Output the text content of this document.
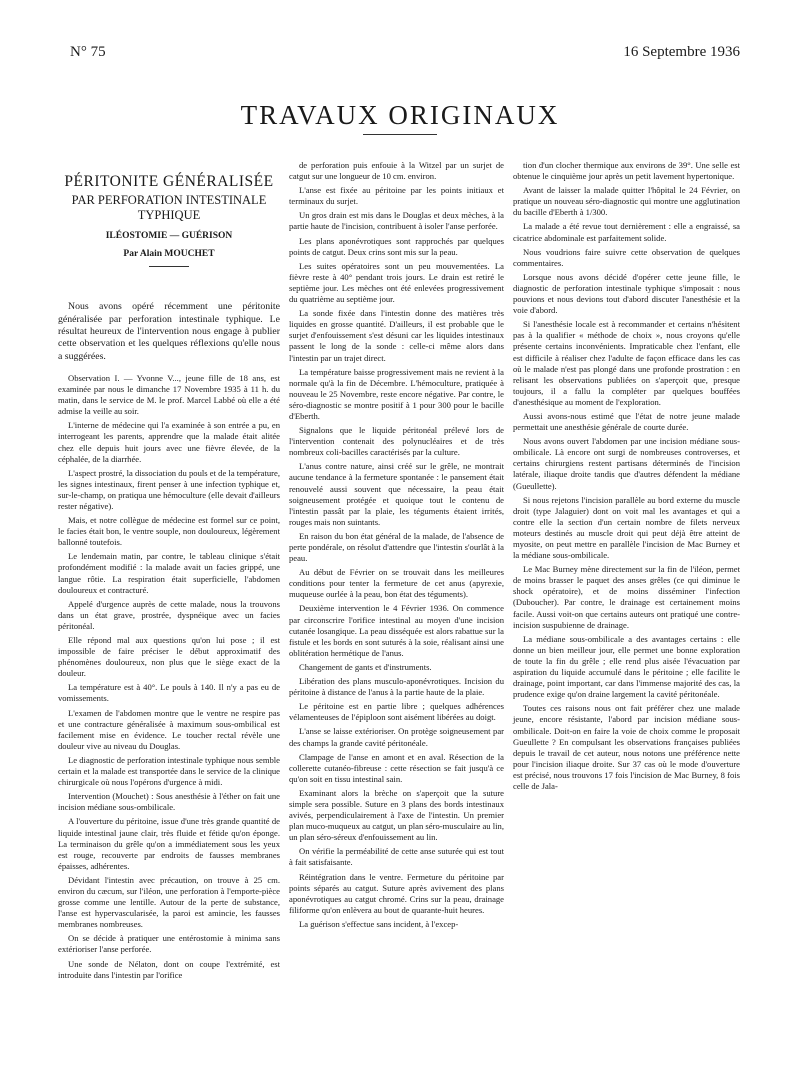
N° 75	16 Septembre 1936
TRAVAUX ORIGINAUX
PÉRITONITE GÉNÉRALISÉE
PAR PERFORATION INTESTINALE
TYPHIQUE
ILÉOSTOMIE — GUÉRISON
Par Alain MOUCHET

Nous avons opéré récemment une péritonite généralisée par perforation intestinale typhique. Le résultat heureux de l'intervention nous engage à publier cette observation et les quelques réflexions qu'elle nous a suggérées.

Observation I. — Yvonne V..., jeune fille de 18 ans, est examinée par nous le dimanche 17 Novembre 1935 à 11 h. du matin, dans le service de M. le prof. Marcel Labbé où elle a été admise la veille au soir.

L'interne de médecine qui l'a examinée à son entrée a pu, en interrogeant les parents, apprendre que la malade était alitée chez elle depuis huit jours avec une fièvre élevée, de la céphalée, de la diarrhée.

L'aspect prostré, la dissociation du pouls et de la température, les signes intestinaux, firent penser à une infection typhique et, sur-le-champ, on pratiqua une hémoculture (elle devait d'ailleurs rester négative).

Mais, et notre collègue de médecine est formel sur ce point, le facies était bon, le ventre souple, non douloureux, légèrement ballonné toutefois.

Le lendemain matin, par contre, le tableau clinique s'était profondément modifié : la malade avait un facies grippé, une langue rôtie. La respiration était superficielle, l'abdomen douloureux et contracturé.

Appelé d'urgence auprès de cette malade, nous la trouvons dans un état grave, prostrée, dyspnéique avec un facies péritonéal.

Elle répond mal aux questions qu'on lui pose ; il est impossible de faire préciser le début approximatif des phénomènes douloureux, non plus que le siège exact de la douleur.

La température est à 40°. Le pouls à 140. Il n'y a pas eu de vomissements.

L'examen de l'abdomen montre que le ventre ne respire pas et une contracture généralisée à maximum sous-ombilical est facilement mise en évidence. Le toucher rectal révèle une douleur vive au niveau du Douglas.

Le diagnostic de perforation intestinale typhique nous semble certain et la malade est transportée dans le service de la clinique chirurgicale où nous l'opérons d'urgence à midi.

Intervention (Mouchet) : Sous anesthésie à l'éther on fait une incision médiane sous-ombilicale.

A l'ouverture du péritoine, issue d'une très grande quantité de liquide intestinal jaune clair, très fluide et fétide qu'on éponge. La terminaison du grêle qu'on a immédiatement sous les yeux est rouge, recouverte par endroits de fausses membranes épaisses, adhérentes.

Dévidant l'intestin avec précaution, on trouve à 25 cm. environ du cæcum, sur l'iléon, une perforation à l'emporte-pièce grosse comme une lentille. Autour de la perte de substance, l'anse est hypervascularisée, la paroi est amincie, les fausses membranes nombreuses.

On se décide à pratiquer une entérostomie à minima sans extérioriser l'anse perforée.

Une sonde de Nélaton, dont on coupe l'extrémité, est introduite dans l'intestin par l'orifice

de perforation puis enfouie à la Witzel par un surjet de catgut sur une longueur de 10 cm. environ.

L'anse est fixée au péritoine par les points initiaux et terminaux du surjet.

Un gros drain est mis dans le Douglas et deux mèches, à la partie haute de l'incision, contribuent à isoler l'anse perforée.

Les plans aponévrotiques sont rapprochés par quelques points de catgut. Deux crins sont mis sur la peau.

Les suites opératoires sont un peu mouvementées. La fièvre reste à 40° pendant trois jours. Le drain est retiré le septième jour. Les mèches ont été enlevées progressivement du quatrième au septième jour.

La sonde fixée dans l'intestin donne des matières très liquides en grosse quantité. D'ailleurs, il est probable que le surjet d'enfouissement s'est désuni car les liquides intestinaux passent le long de la sonde : celle-ci même alors dans l'intestin par un trajet direct.

La température baisse progressivement mais ne revient à la normale qu'à la fin de Décembre. L'hémoculture, pratiquée à nouveau le 25 Novembre, reste encore négative. Par contre, le séro-diagnostic se montre positif à 1 pour 300 pour le bacille d'Eberth.

Signalons que le liquide péritonéal prélevé lors de l'intervention contenait des polynucléaires et de très nombreux coli-bacilles caractérisés par la culture.

L'anus contre nature, ainsi créé sur le grêle, ne montrait aucune tendance à la fermeture spontanée : le pansement était renouvelé aussi souvent que nécessaire, la peau était soigneusement protégée et quoique tout le contenu de l'intestin passât par la plaie, les téguments étaient irrités, rouges mais non suintants.

En raison du bon état général de la malade, de l'absence de perte pondérale, on résolut d'attendre que l'intestin s'ourlât à la peau.

Au début de Février on se trouvait dans les meilleures conditions pour tenter la fermeture de cet anus (apyrexie, muqueuse ourlée à la peau, bon état des téguments).

Deuxième intervention le 4 Février 1936. On commence par circonscrire l'orifice intestinal au moyen d'une incision cutanée losangique. La peau disséquée est alors rabattue sur la fistule et les bords en sont suturés à la soie, réalisant ainsi une oblitération hermétique de l'anus.

Changement de gants et d'instruments.

Libération des plans musculo-aponévrotiques. Incision du péritoine à distance de l'anus à la partie haute de la plaie.

Le péritoine est en partie libre ; quelques adhérences vélamenteuses de l'épiploon sont aisément libérées au doigt.

L'anse se laisse extérioriser. On protège soigneusement par des champs la grande cavité péritonéale.

Clampage de l'anse en amont et en aval. Résection de la collerette cutanéo-fibreuse : cette résection se fait jusqu'à ce qu'on soit en tissu intestinal sain.

Examinant alors la brèche on s'aperçoit que la suture simple sera possible. Suture en 3 plans des bords intestinaux avivés, perpendiculairement à l'axe de l'intestin. Un premier plan muco-muqueux au catgut, un plan séro-musculaire au lin, un plan séro-séreux d'enfouissement au lin.

On vérifie la perméabilité de cette anse suturée qui est tout à fait satisfaisante.

Réintégration dans le ventre. Fermeture du péritoine par points séparés au catgut. Suture après avivement des plans aponévrotiques au catgut chromé. Crins sur la peau, drainage filiforme qu'on enlèvera au bout de quarante-huit heures.

La guérison s'effectue sans incident, à l'excep-

tion d'un clocher thermique aux environs de 39°. Une selle est obtenue le cinquième jour après un petit lavement hypertonique.

Avant de laisser la malade quitter l'hôpital le 24 Février, on pratique un nouveau séro-diagnostic qui montre une agglutination du bacille d'Eberth à 1/300.

La malade a été revue tout dernièrement : elle a engraissé, sa cicatrice abdominale est parfaitement solide.

Nous voudrions faire suivre cette observation de quelques commentaires.

Lorsque nous avons décidé d'opérer cette jeune fille, le diagnostic de perforation intestinale typhique s'imposait : nous pouvions et nous devions tout d'abord discuter l'anesthésie et la voie d'abord.

Si l'anesthésie locale est à recommander et certains n'hésitent pas à la qualifier « méthode de choix », nous croyons qu'elle présente certains inconvénients. Impraticable chez l'enfant, elle est difficile à réaliser chez l'adulte de façon efficace dans les cas où le malade n'est pas plongé dans une profonde prostration : en relisant les observations publiées on s'aperçoit que, presque toujours, il a fallu la compléter par quelques bouffées d'anesthésique au moment de l'exploration.

Aussi avons-nous estimé que l'état de notre jeune malade permettait une anesthésie générale de courte durée.

Nous avons ouvert l'abdomen par une incision médiane sous-ombilicale. Là encore ont surgi de nombreuses controverses, et certains chirurgiens restent partisans déterminés de l'incision latérale, iliaque droite tandis que d'autres défendent la médiane (Gueullette).

Si nous rejetons l'incision parallèle au bord externe du muscle droit (type Jalaguier) dont on voit mal les avantages et qui a contre elle la section d'un certain nombre de filets nerveux moteurs destinés au muscle droit qui peut déjà être atteint de myosite, on peut mettre en parallèle l'incision de Mac Burney et la médiane sous-ombilicale.

Le Mac Burney mène directement sur la fin de l'iléon, permet de moins brasser le paquet des anses grêles (ce qui diminue le shock opératoire), et de moins disséminer l'infection (Duboucher). Par contre, le drainage est certainement moins facile. Aussi voit-on que certains auteurs ont pratiqué une contre-incision suspubienne de drainage.

La médiane sous-ombilicale a des avantages certains : elle donne un bien meilleur jour, elle permet une bonne exploration de toute la fin du grêle ; elle rend plus aisée l'évacuation par aspiration du liquide accumulé dans le péritoine ; elle facilite le drainage, point important, car dans l'immense majorité des cas, la prudence exige qu'on draine largement la cavité péritonéale.

Toutes ces raisons nous ont fait préférer chez une malade jeune, encore résistante, l'abord par incision médiane sous-ombilicale. Doit-on en faire la voie de choix comme le proposait Gueullette ? En compulsant les observations françaises publiées depuis le travail de cet auteur, nous notons une préférence nette pour l'incision iliaque droite. Sur 37 cas où le mode d'ouverture est précisé, nous trouvons 17 fois l'incision de Mac Burney, 8 fois celle de Jala-
